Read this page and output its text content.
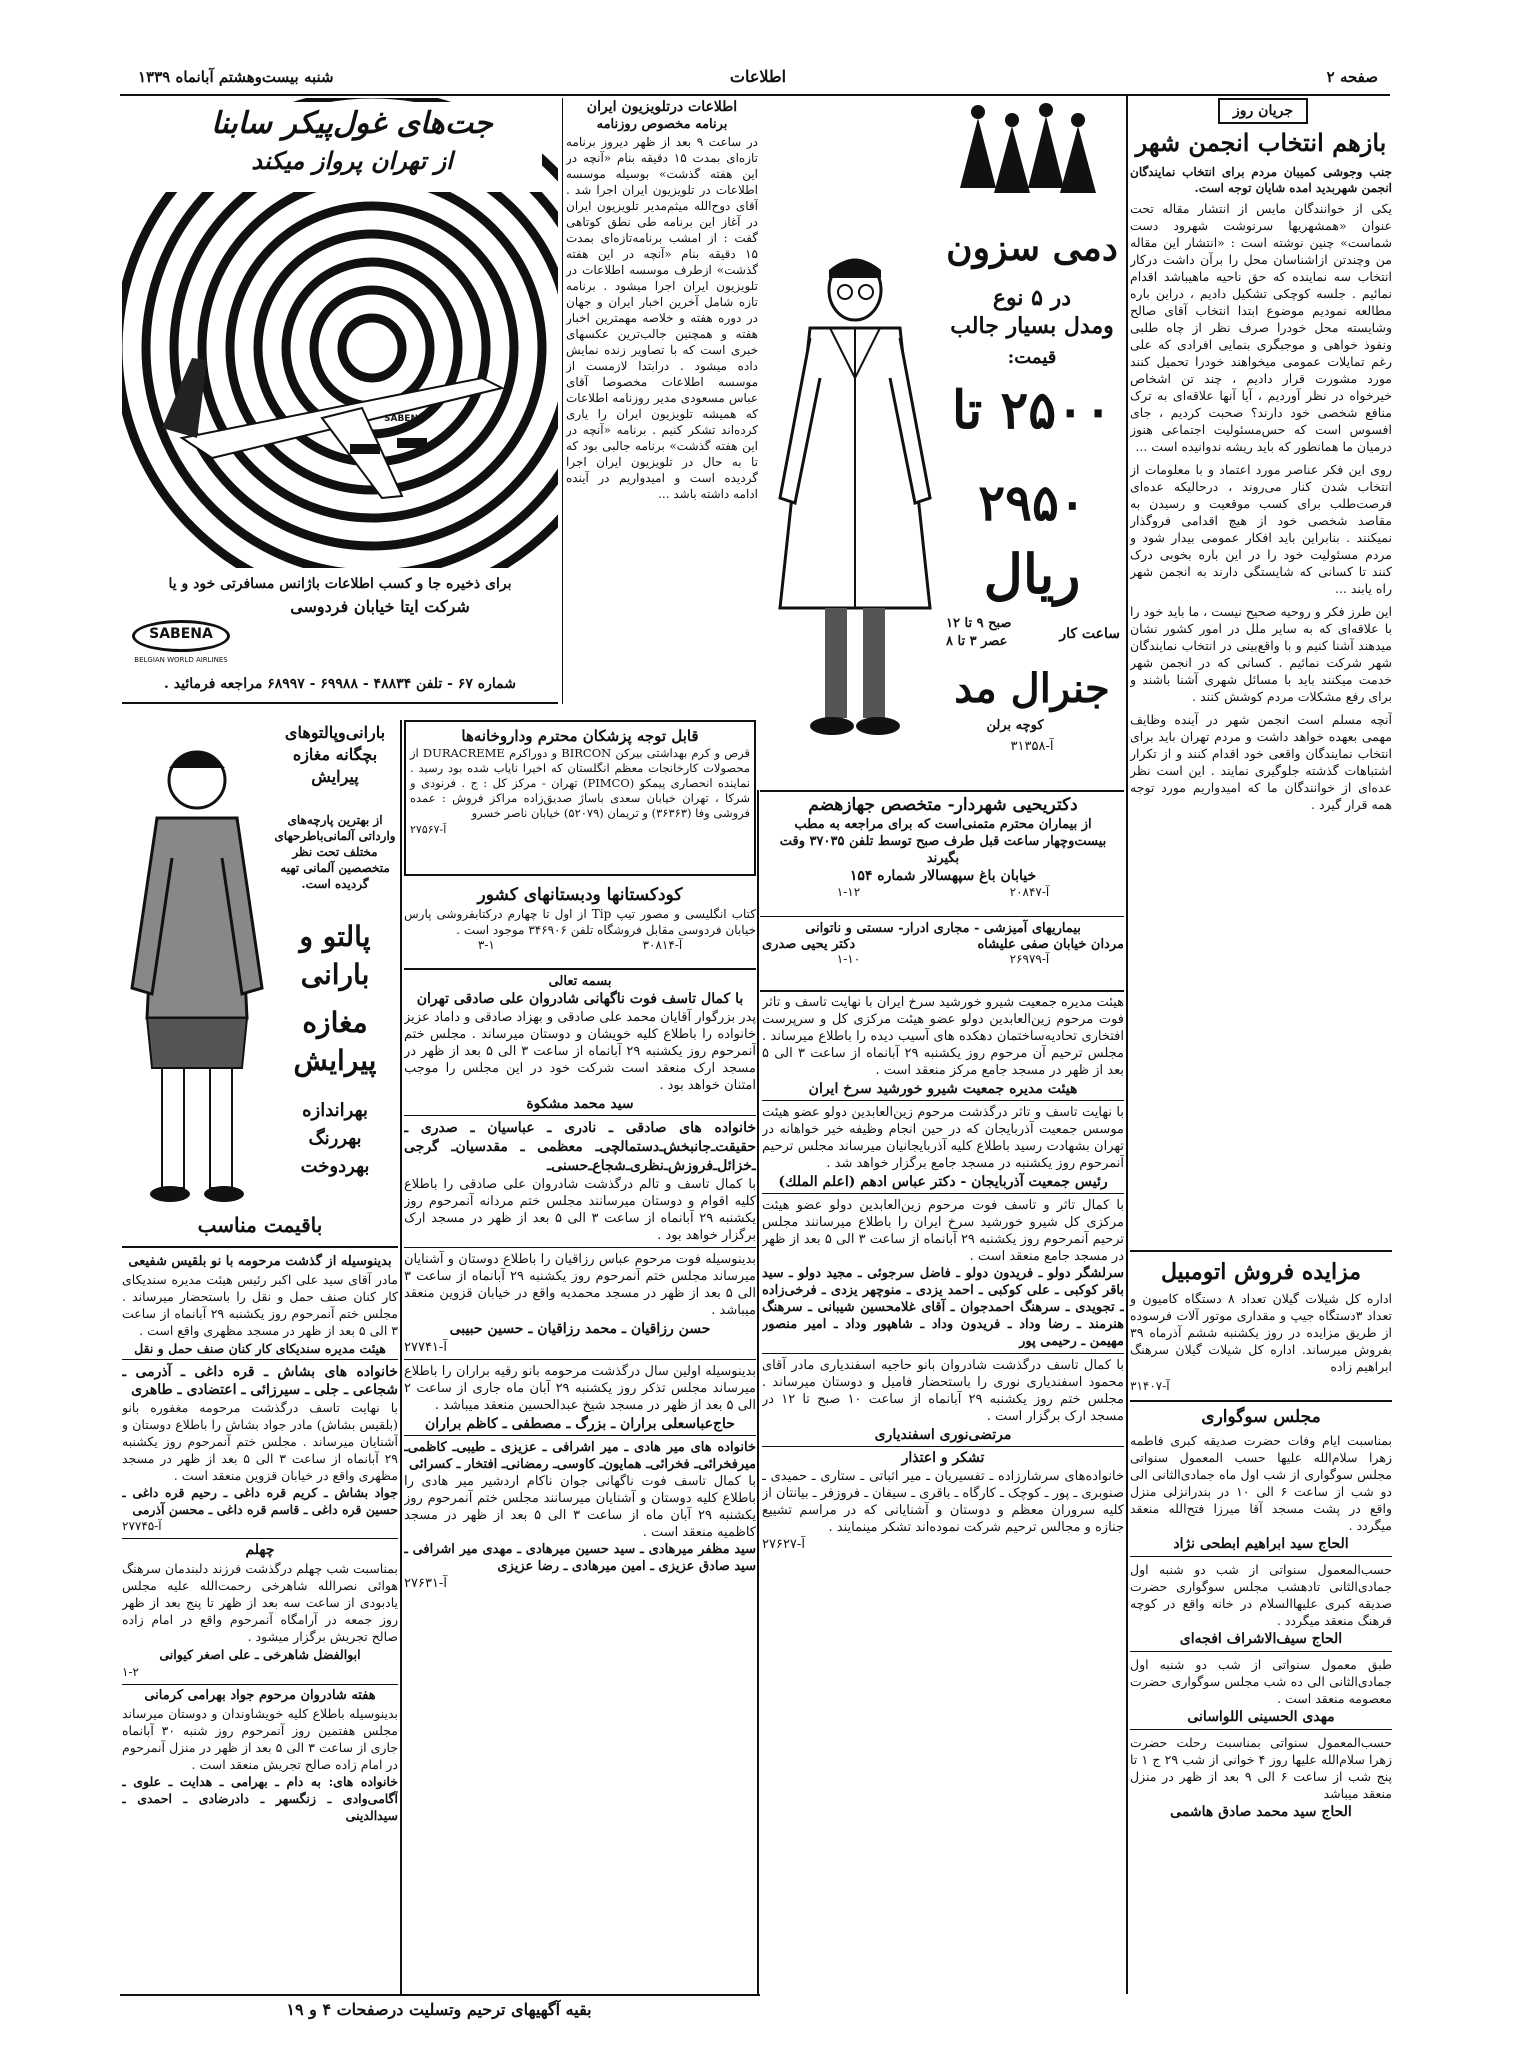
صفحه ۲
اطلاعات
شنبه بیست‌وهشتم آبانماه ۱۳۳۹
جریان روز

بازهم انتخاب انجمن شهر

جنب وجوشی کمیبان مردم برای انتخاب نمایندگان انجمن شهربدید امده شایان توجه است.

یکی از خوانندگان مایس از انتشار مقاله تحت عنوان «همشهریها سرنوشت شهرود دست شماست» چنین نوشته است : «انتشار این مقاله من وچندتن ازاشناسان محل را برآن داشت درکار انتخاب سه نماینده که حق ناحیه ماهیباشد اقدام نمائیم . جلسه کوچکی تشکیل دادیم ، دراین باره مطالعه نمودیم موضوع ابتدا انتخاب آقای صالح وشایسته محل خودرا صرف نظر از چاه طلبی ونفوذ خواهی و موجبگری بنمایی افرادی که علی رغم تمایلات عمومی میخواهند خودرا تحمیل کنند مورد مشورت قرار دادیم ، چند تن اشخاص خیرخواه در نظر آوردیم ، آیا آنها علاقه‌ای به ترک منافع شخصی خود دارند؟ صحبت کردیم ، جای افسوس است که حس‌مسئولیت اجتماعی هنوز درمیان ما همانطور که باید ریشه ندوانیده است ...

روی این فکر عناصر مورد اعتماد و با معلومات از انتخاب شدن کنار می‌روند ، درحالیکه عده‌ای فرصت‌طلب برای کسب موقعیت و رسیدن به مقاصد شخصی خود از هیچ اقدامی فروگذار نمیکنند . بنابراین باید افکار عمومی بیدار شود و مردم مسئولیت خود را در این باره بخوبی درک کنند تا کسانی که شایستگی دارند به انجمن شهر راه یابند ...

این طرز فکر و روحیه صحیح نیست ، ما باید خود را با علاقه‌ای که به سایر ملل در امور کشور نشان میدهند آشنا کنیم و با واقع‌بینی در انتخاب نمایندگان شهر شرکت نمائیم . کسانی که در انجمن شهر خدمت میکنند باید با مسائل شهری آشنا باشند و برای رفع مشکلات مردم کوشش کنند .

آنچه مسلم است انجمن شهر در آینده وظایف مهمی بعهده خواهد داشت و مردم تهران باید برای انتخاب نمایندگان واقعی خود اقدام کنند و از تکرار اشتباهات گذشته جلوگیری نمایند . این است نظر عده‌ای از خوانندگان ما که امیدواریم مورد توجه همه قرار گیرد .

مزایده فروش اتومبیل

اداره کل شیلات گیلان تعداد ۸ دستگاه کامیون و تعداد ۳دستگاه جیپ و مقداری موتور آلات فرسوده از طریق مزایده در روز یکشنبه ششم آذرماه ۳۹ بفروش میرساند. اداره کل شیلات گیلان سرهنگ ابراهیم زاده

آ-۳۱۴۰۷

مجلس سوگواری

بمناسبت ایام وفات حضرت صدیقه کبری فاطمه زهرا سلام‌الله علیها حسب المعمول سنواتی مجلس سوگواری از شب اول ماه جمادی‌الثانی الی دو شب از ساعت ۶ الی ۱۰ در بندرانزلی منزل واقع در پشت مسجد آقا میرزا فتح‌الله منعقد میگردد .

الحاج سید ابراهیم ابطحی نژاد

حسب‌المعمول سنواتی از شب دو شنبه اول جمادی‌الثانی تادهشب مجلس سوگواری حضرت صدیقه کبری علیها‌السلام در خانه واقع در کوچه فرهنگ منعقد میگردد .

الحاج سیف‌الاشراف افجه‌ای

طبق معمول سنواتی از شب دو شنبه اول جمادی‌الثانی الی ده شب مجلس سوگواری حضرت معصومه منعقد است .

مهدی الحسینی اللواسانی

حسب‌المعمول سنواتی بمناسبت رحلت حضرت زهرا سلام‌الله علیها روز ۴ خوانی از شب ۲۹ ج ۱ تا پنج شب از ساعت ۶ الی ۹ بعد از ظهر در منزل منعقد میباشد

الحاج سید محمد صادق هاشمی

دمی سزون

در ۵ نوع

ومدل بسیار جالب

قیمت:

۲۵۰۰ تا

۲۹۵۰

ریال

ساعت کار
صبح ۹ تا ۱۲
عصر ۳ تا ۸

جنرال مد

کوچه برلن

آ-۳۱۳۵۸

اطلاعات درتلویزیون ایران

برنامه مخصوص روزنامه

در ساعت ۹ بعد از ظهر دیروز برنامه تازه‌ای بمدت ۱۵ دقیقه بنام «آنچه در این هفته گذشت» بوسیله موسسه اطلاعات در تلویزیون ایران اجرا شد . آقای دوح‌الله میثم‌مدیر تلویزیون ایران در آغاز این برنامه طی نطق کوتاهی گفت : از امشب برنامه‌تازه‌ای بمدت ۱۵ دقیقه بنام «آنچه در این هفته گذشت» ازطرف موسسه اطلاعات در تلویزیون ایران اجرا میشود . برنامه تازه شامل آخرین اخبار ایران و جهان در دوره هفته و خلاصه مهمترین اخبار هفته و همچنین جالب‌ترین عکسهای خبری است که با تصاویر زنده نمایش داده میشود . درابتدا لازمست از موسسه اطلاعات مخصوصا آقای عباس مسعودی مدیر روزنامه اطلاعات که همیشه تلویزیون ایران را یاری کرده‌اند تشکر کنیم . برنامه «آنچه در این هفته گذشت» برنامه جالبی بود که تا به حال در تلویزیون ایران اجرا گردیده است و امیدواریم در آینده ادامه داشته باشد ...

جت‌های غول‌پیکر سابنا

از تهران پرواز میکند

SABENA

برای ذخیره جا و کسب اطلاعات باژانس مسافرتی خود و یا

شرکت ایتا خیابان فردوسی

SABENA
BELGIAN WORLD AIRLINES

شماره ۶۷ - تلفن ۴۸۸۳۴ - ۶۹۹۸۸ - ۶۸۹۹۷ مراجعه فرمائید .

دکتریحیی شهردار- متخصص جهازهضم

از بیماران محترم متمنی‌است که برای مراجعه به مطب بیست‌وچهار ساعت قبل طرف صبح توسط تلفن ۳۷۰۳۵ وقت بگیرند

خیابان باغ سپهسالار شماره ۱۵۴

آ-۲۰۸۴۷
۱-۱۲

بیماریهای آمیزشی - مجاری ادرار- سستی و ناتوانی

مردان خیابان صفی علیشاه
دکتر یحیی صدری
آ-۲۶۹۷۹
۱-۱۰

هیئت مدیره جمعیت شیرو خورشید سرخ ایران با نهایت تاسف و تاثر فوت مرحوم زین‌العابدین دولو عضو هیئت مرکزی کل و سرپرست افتخاری تحادیه‌ساختمان دهکده های آسیب دیده را باطلاع میرساند . مجلس ترحیم آن مرحوم روز یکشنبه ۲۹ آبانماه از ساعت ۳ الی ۵ بعد از ظهر در مسجد جامع مرکز منعقد است .

هیئت مدیره جمعیت شیرو خورشید سرخ ایران

با نهایت تاسف و تاثر درگذشت مرحوم زین‌العابدین دولو عضو هیئت موسس جمعیت آذربایجان که در حین انجام وظیفه خیر خواهانه در تهران بشهادت رسید باطلاع کلیه آذربایجانیان میرساند مجلس ترحیم آنمرحوم روز یکشنبه در مسجد جامع برگزار خواهد شد .

رئیس جمعیت آذربایجان - دکتر عباس ادهم (اعلم الملك)

با کمال تاثر و تاسف فوت مرحوم زین‌العابدین دولو عضو هیئت مرکزی کل شیرو خورشید سرخ ایران را باطلاع میرسانند مجلس ترحیم آنمرحوم روز یکشنبه ۲۹ آبانماه از ساعت ۳ الی ۵ بعد از ظهر در مسجد جامع منعقد است .

سرلشگر دولو ـ فریدون دولو ـ فاضل سرجوئی ـ مجید دولو ـ سید باقر کوکبی ـ علی کوکبی ـ احمد یزدی ـ منوچهر یزدی ـ فرخی‌زاده ـ تجویدی ـ سرهنگ احمدجوان ـ آقای غلامحسین شیبانی ـ سرهنگ هنرمند ـ رضا وداد ـ فریدون وداد ـ شاهپور وداد ـ امیر منصور مهیمن ـ رحیمی پور

با کمال تاسف درگذشت شادروان بانو حاجیه اسفندیاری مادر آقای محمود اسفندیاری نوری را باستحضار فامیل و دوستان میرساند . مجلس ختم روز یکشنبه ۲۹ آبانماه از ساعت ۱۰ صبح تا ۱۲ در مسجد ارک برگزار است .

مرتضی‌نوری اسفندیاری

تشکر و اعتذار

خانواده‌های سرشارزاده ـ تفسیریان ـ میر اثباتی ـ ستاری ـ حمیدی ـ صنوبری ـ پور ـ کوچک ـ کارگاه ـ باقری ـ سیفان ـ فروزفر ـ بیانتان از کلیه سروران معظم و دوستان و آشنایانی که در مراسم تشییع جنازه و مجالس ترحیم شرکت نموده‌اند تشکر مینمایند .

آ-۲۷۶۲۷

قابل توجه پزشکان محترم وداروخانه‌ها

قرص و کرم بهداشتی بیرکن BIRCON و دوراکرم DURACREME از محصولات کارخانجات معظم انگلستان که اخیرا نایاب شده بود رسید . نماینده انحصاری پیمکو (PIMCO) تهران - مرکز کل : ج . فرنودی و شرکا ، تهران خیابان سعدی باساژ صدیق‌زاده مراکز فروش : عمده فروشی وفا (۳۶۳۶۳) و تریمان (۵۲۰۷۹) خیابان ناصر خسرو

آ-۲۷۵۶۷

کودکستانها ودبستانهای کشور

کتاب انگلیسی و مصور تیپ Tip از اول تا چهارم درکتابفروشی پارس خیابان فردوسی مقابل فروشگاه تلفن ۳۴۶۹۰۶ موجود است .

آ-۳۰۸۱۴
۳-۱

بسمه تعالی

با کمال تاسف فوت ناگهانی شادروان علی صادقی تهران

پدر بزرگوار آقایان محمد علی صادقی و بهزاد صادقی و داماد عزیز خانواده را باطلاع کلیه خویشان و دوستان میرساند . مجلس ختم آنمرحوم روز یکشنبه ۲۹ آبانماه از ساعت ۳ الی ۵ بعد از ظهر در مسجد ارک منعقد است شرکت خود در این مجلس را موجب امتنان خواهد بود .

سید محمد مشکوة

خانواده های صادقی ـ نادری ـ عباسیان ـ صدری ـ حقیقت‌ـ‌جانبخش‌ـ‌دستمالچی‌ـ معظمی ـ مقدسیان‌ـ گرجی ـ‌خزائل‌ـ‌فروزش‌ـ‌نظری‌ـ‌شجاع‌ـ‌حسنی‌ـ

با کمال تاسف و تالم درگذشت شادروان علی صادقی را باطلاع کلیه اقوام و دوستان میرسانند مجلس ختم مردانه آنمرحوم روز یکشنبه ۲۹ آبانماه از ساعت ۳ الی ۵ بعد از ظهر در مسجد ارک برگزار خواهد بود .

بدینوسیله فوت مرحوم عباس رزاقیان را باطلاع دوستان و آشنایان میرساند مجلس ختم آنمرحوم روز یکشنبه ۲۹ آبانماه از ساعت ۳ الی ۵ بعد از ظهر در مسجد محمدیه واقع در خیابان قزوین منعقد میباشد .

حسن رزاقیان ـ محمد رزاقیان ـ حسین حبیبی

آ-۲۷۷۴۱

بدینوسیله اولین سال درگذشت مرحومه بانو رقیه براران را باطلاع میرساند مجلس تذکر روز یکشنبه ۲۹ آبان ماه جاری از ساعت ۲ الی ۵ بعد از ظهر در مسجد شیخ عبدالحسین منعقد میباشد .

حاج‌عباسعلی براران ـ بزرگ ـ مصطفی ـ کاظم براران

خانواده های میر هادی ـ میر اشرافی ـ عزیزی ـ طیبی‌ـ کاظمی‌ـ میرفخرائی‌ـ فخرائی‌ـ همایون‌ـ کاوسی‌ـ رمضانی‌ـ افتخار ـ کسرائی

با کمال تاسف فوت ناگهانی جوان ناکام اردشیر میر هادی را باطلاع کلیه دوستان و آشنایان میرسانند مجلس ختم آنمرحوم روز یکشنبه ۲۹ آبان ماه از ساعت ۳ الی ۵ بعد از ظهر در مسجد کاظمیه منعقد است .

سید مظفر میرهادی ـ سید حسین میرهادی ـ مهدی میر اشرافی ـ سید صادق عزیزی ـ امین میرهادی ـ رضا عزیزی

آ-۲۷۶۳۱

بارانی‌وپالتوهای بچگانه مغازه پیرایش

از بهترین پارچه‌های وارداتی آلمانی‌باطرحهای مختلف تحت نظر متخصصین آلمانی تهیه گردیده است.

پالتو و بارانی

مغازه پیرایش

بهراندازه

بهررنگ

بهردوخت

باقیمت مناسب

بدینوسیله از گذشت مرحومه با نو بلقیس شفیعی

مادر آقای سید علی اکبر رئیس هیئت مدیره سندیکای کار کنان صنف حمل و نقل را باستحضار میرساند . مجلس ختم آنمرحوم روز یکشنبه ۲۹ آبانماه از ساعت ۳ الی ۵ بعد از ظهر در مسجد مظهری واقع است .

هیئت مدیره سندیکای کار کنان صنف حمل و نقل

خانواده های بشاش ـ قره داغی ـ آذرمی ـ شجاعی ـ جلی ـ سیرزائی ـ اعتضادی ـ طاهری

با نهایت تاسف درگذشت مرحومه مغفوره بانو (بلقیس بشاش) مادر جواد بشاش را باطلاع دوستان و آشنایان میرساند . مجلس ختم آنمرحوم روز یکشنبه ۲۹ آبانماه از ساعت ۳ الی ۵ بعد از ظهر در مسجد مظهری واقع در خیابان قزوین منعقد است .

جواد بشاش ـ کریم قره داغی ـ رحیم قره داغی ـ حسین قره داغی ـ قاسم قره داغی ـ محسن آذرمی

آ-۲۷۷۴۵

چهلم

بمناسبت شب چهلم درگذشت فرزند دلبندمان سرهنگ هوائی نصرالله شاهرخی رحمت‌الله علیه مجلس یادبودی از ساعت سه بعد از ظهر تا پنج بعد از ظهر روز جمعه در آرامگاه آنمرحوم واقع در امام زاده صالح تجریش برگزار میشود .

ابوالفضل شاهرخی ـ علی اصغر کیوانی

۱-۲

هفته شادروان مرحوم جواد بهرامی کرمانی

بدینوسیله باطلاع کلیه خویشاوندان و دوستان میرساند مجلس هفتمین روز آنمرحوم روز شنبه ۳۰ آبانماه جاری از ساعت ۳ الی ۵ بعد از ظهر در منزل آنمرحوم در امام زاده صالح تجریش منعقد است .

خانواده های: به دام ـ بهرامی ـ هدایت ـ علوی ـ آگامی‌وادی ـ زنگسهر ـ دادرضادی ـ احمدی ـ سید‌الدینی

بقیه آگهیهای ترحیم وتسلیت درصفحات ۴ و ۱۹
